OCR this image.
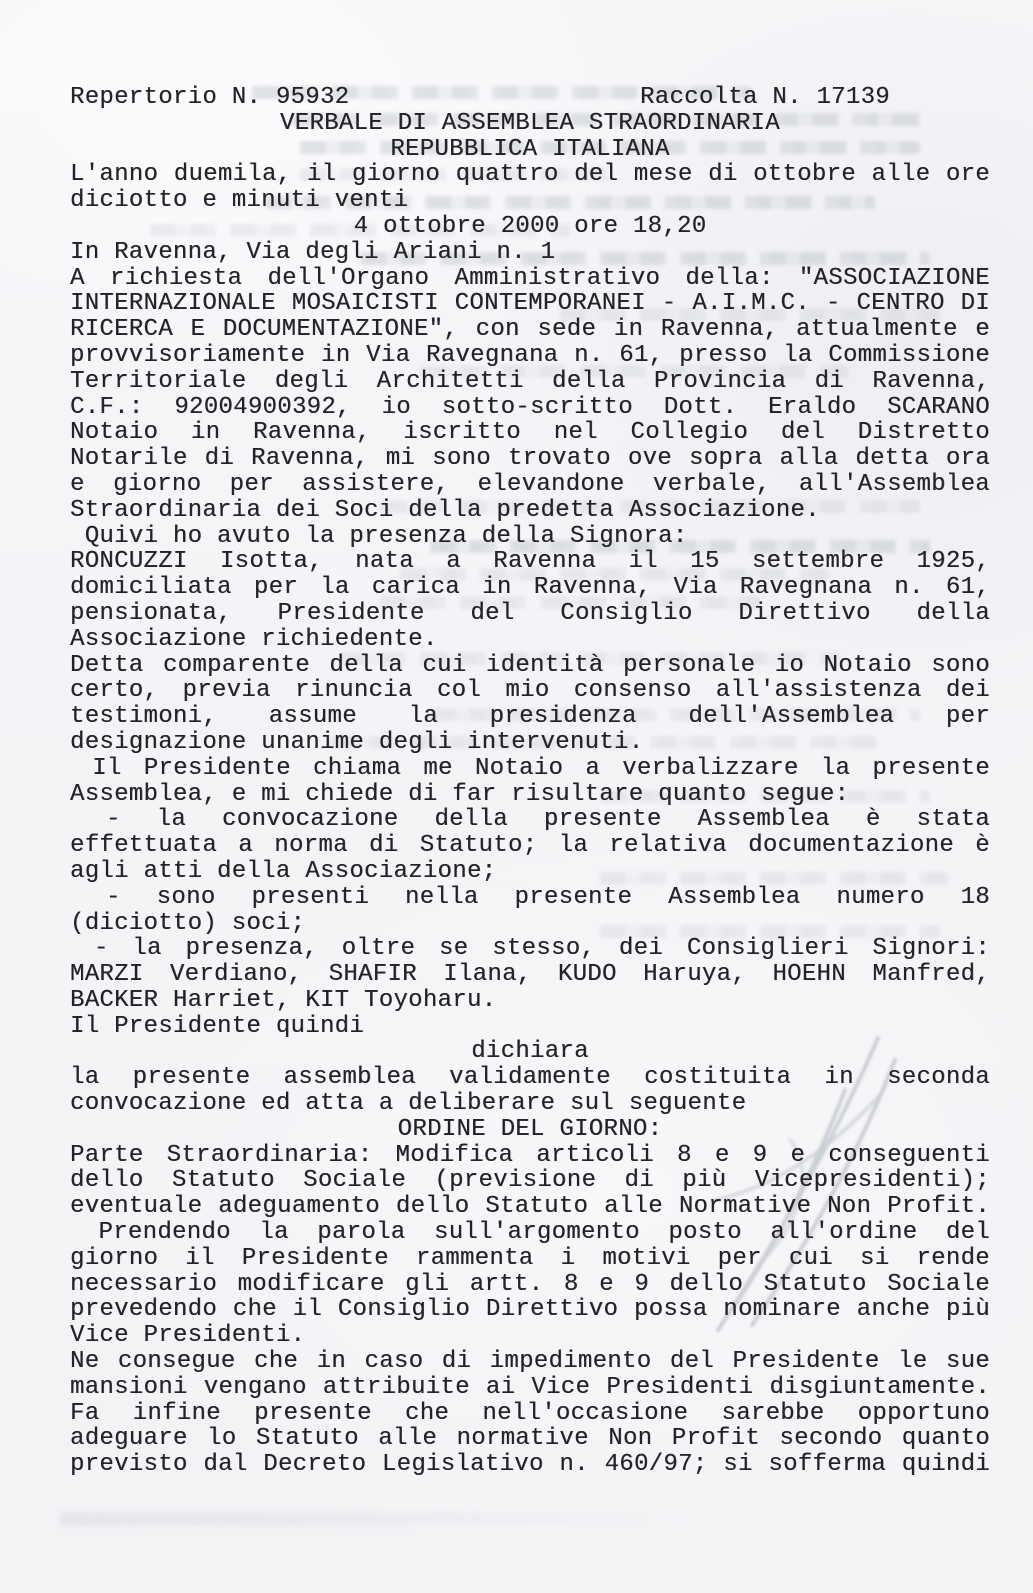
Repertorio N. 95932	Raccolta N. 17139
VERBALE DI ASSEMBLEA STRAORDINARIA
REPUBBLICA ITALIANA
L'anno duemila, il giorno quattro del mese di ottobre alle ore
diciotto e minuti venti
4 ottobre 2000 ore 18,20
In Ravenna, Via degli Ariani n. 1
A richiesta dell'Organo Amministrativo della: "ASSOCIAZIONE
INTERNAZIONALE MOSAICISTI CONTEMPORANEI - A.I.M.C. - CENTRO DI
RICERCA E DOCUMENTAZIONE", con sede in Ravenna, attualmente e
provvisoriamente in Via Ravegnana n. 61, presso la Commissione
Territoriale degli Architetti della Provincia di Ravenna,
C.F.: 92004900392, io sotto-scritto Dott. Eraldo SCARANO
Notaio in Ravenna, iscritto nel Collegio del Distretto
Notarile di Ravenna, mi sono trovato ove sopra alla detta ora
e giorno per assistere, elevandone verbale, all'Assemblea
Straordinaria dei Soci della predetta Associazione.
Quivi ho avuto la presenza della Signora:
RONCUZZI Isotta, nata a Ravenna il 15 settembre 1925,
domiciliata per la carica in Ravenna, Via Ravegnana n. 61,
pensionata, Presidente del Consiglio Direttivo della
Associazione richiedente.
Detta comparente della cui identità personale io Notaio sono
certo, previa rinuncia col mio consenso all'assistenza dei
testimoni, assume la presidenza dell'Assemblea per
designazione unanime degli intervenuti.
Il Presidente chiama me Notaio a verbalizzare la presente
Assemblea, e mi chiede di far risultare quanto segue:
- la convocazione della presente Assemblea è stata
effettuata a norma di Statuto; la relativa documentazione è
agli atti della Associazione;
- sono presenti nella presente Assemblea numero 18
(diciotto) soci;
- la presenza, oltre se stesso, dei Consiglieri Signori:
MARZI Verdiano, SHAFIR Ilana, KUDO Haruya, HOEHN Manfred,
BACKER Harriet, KIT Toyoharu.
Il Presidente quindi
dichiara
la presente assemblea validamente costituita in seconda
convocazione ed atta a deliberare sul seguente
ORDINE DEL GIORNO:
Parte Straordinaria: Modifica articoli 8 e 9 e conseguenti
dello Statuto Sociale (previsione di più Vicepresidenti);
eventuale adeguamento dello Statuto alle Normative Non Profit.
Prendendo la parola sull'argomento posto all'ordine del
giorno il Presidente rammenta i motivi per cui si rende
necessario modificare gli artt. 8 e 9 dello Statuto Sociale
prevedendo che il Consiglio Direttivo possa nominare anche più
Vice Presidenti.
Ne consegue che in caso di impedimento del Presidente le sue
mansioni vengano attribuite ai Vice Presidenti disgiuntamente.
Fa infine presente che nell'occasione sarebbe opportuno
adeguare lo Statuto alle normative Non Profit secondo quanto
previsto dal Decreto Legislativo n. 460/97; si sofferma quindi
